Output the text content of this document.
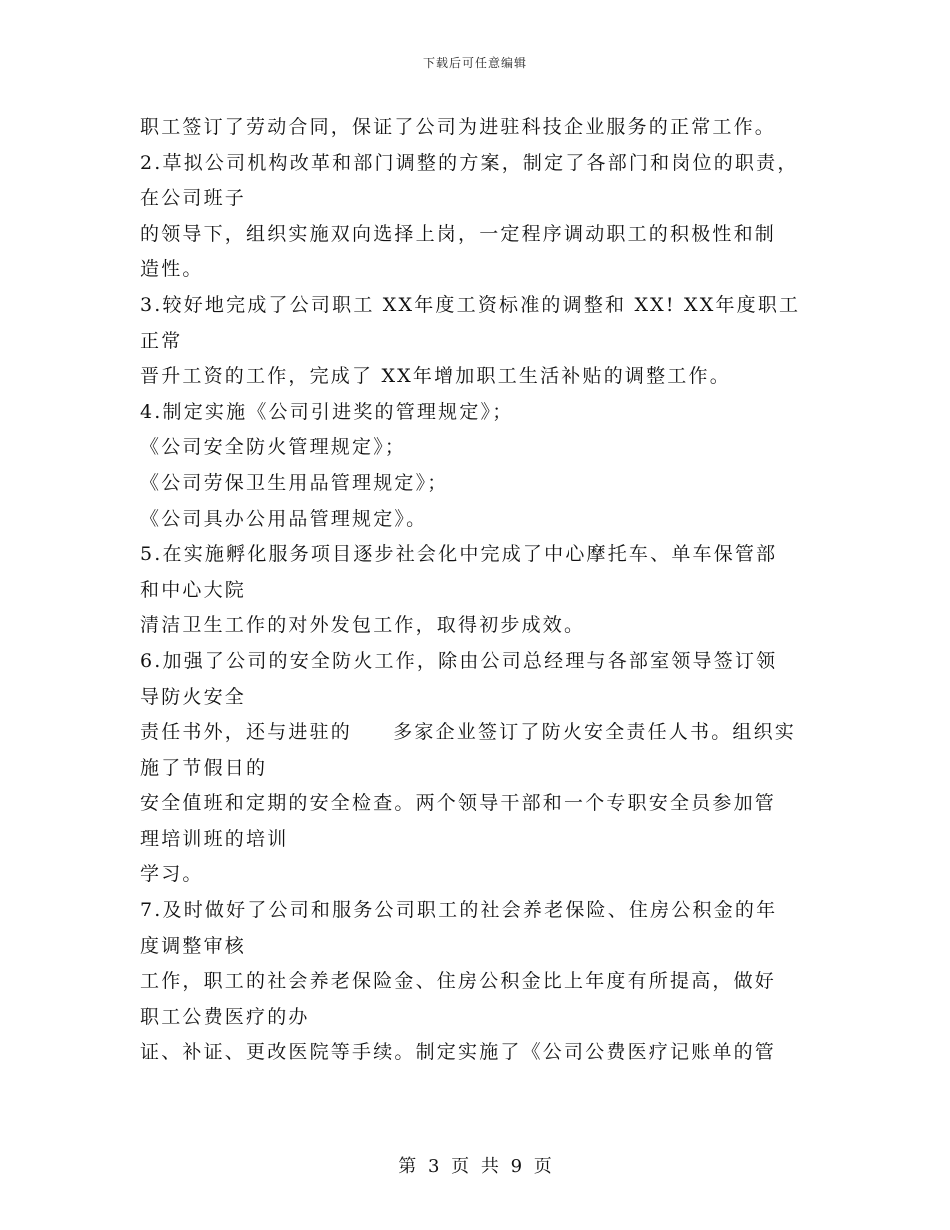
下载后可任意编辑
职工签订了劳动合同，保证了公司为进驻科技企业服务的正常工作。
2.草拟公司机构改革和部门调整的方案，制定了各部门和岗位的职责，
在公司班子
的领导下，组织实施双向选择上岗，一定程序调动职工的积极性和制
造性。
3.较好地完成了公司职工 XX年度工资标准的调整和 XX! XX年度职工
正常
晋升工资的工作，完成了 XX年增加职工生活补贴的调整工作。
4.制定实施《公司引进奖的管理规定》；
《公司安全防火管理规定》；
《公司劳保卫生用品管理规定》；
《公司具办公用品管理规定》。
5.在实施孵化服务项目逐步社会化中完成了中心摩托车、单车保管部
和中心大院
清洁卫生工作的对外发包工作，取得初步成效。
6.加强了公司的安全防火工作，除由公司总经理与各部室领导签订领
导防火安全
责任书外，还与进驻的     多家企业签订了防火安全责任人书。组织实
施了节假日的
安全值班和定期的安全检查。两个领导干部和一个专职安全员参加管
理培训班的培训
学习。
7.及时做好了公司和服务公司职工的社会养老保险、住房公积金的年
度调整审核
工作，职工的社会养老保险金、住房公积金比上年度有所提高，做好
职工公费医疗的办
证、补证、更改医院等手续。制定实施了《公司公费医疗记账单的管
第 3 页 共 9 页
